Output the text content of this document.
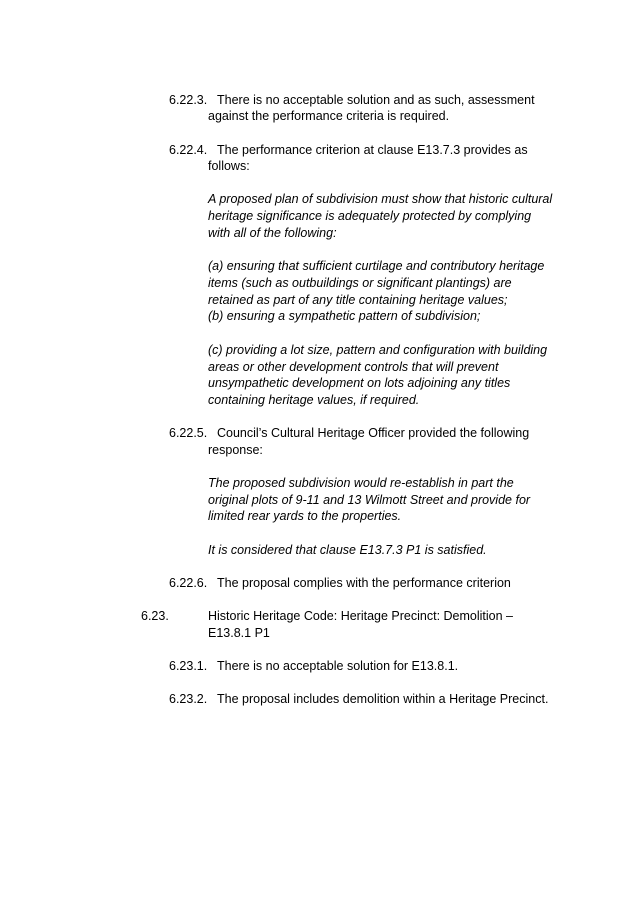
6.22.3. There is no acceptable solution and as such, assessment
against the performance criteria is required.
6.22.4. The performance criterion at clause E13.7.3 provides as
follows:
A proposed plan of subdivision must show that historic cultural
heritage significance is adequately protected by complying
with all of the following:
(a) ensuring that sufficient curtilage and contributory heritage
items (such as outbuildings or significant plantings) are
retained as part of any title containing heritage values;
(b) ensuring a sympathetic pattern of subdivision;
(c) providing a lot size, pattern and configuration with building
areas or other development controls that will prevent
unsympathetic development on lots adjoining any titles
containing heritage values, if required.
6.22.5. Council’s Cultural Heritage Officer provided the following
response:
The proposed subdivision would re-establish in part the
original plots of 9-11 and 13 Wilmott Street and provide for
limited rear yards to the properties.
It is considered that clause E13.7.3 P1 is satisfied.
6.22.6. The proposal complies with the performance criterion
6.23.	Historic Heritage Code: Heritage Precinct: Demolition –
E13.8.1 P1
6.23.1. There is no acceptable solution for E13.8.1.
6.23.2. The proposal includes demolition within a Heritage Precinct.
